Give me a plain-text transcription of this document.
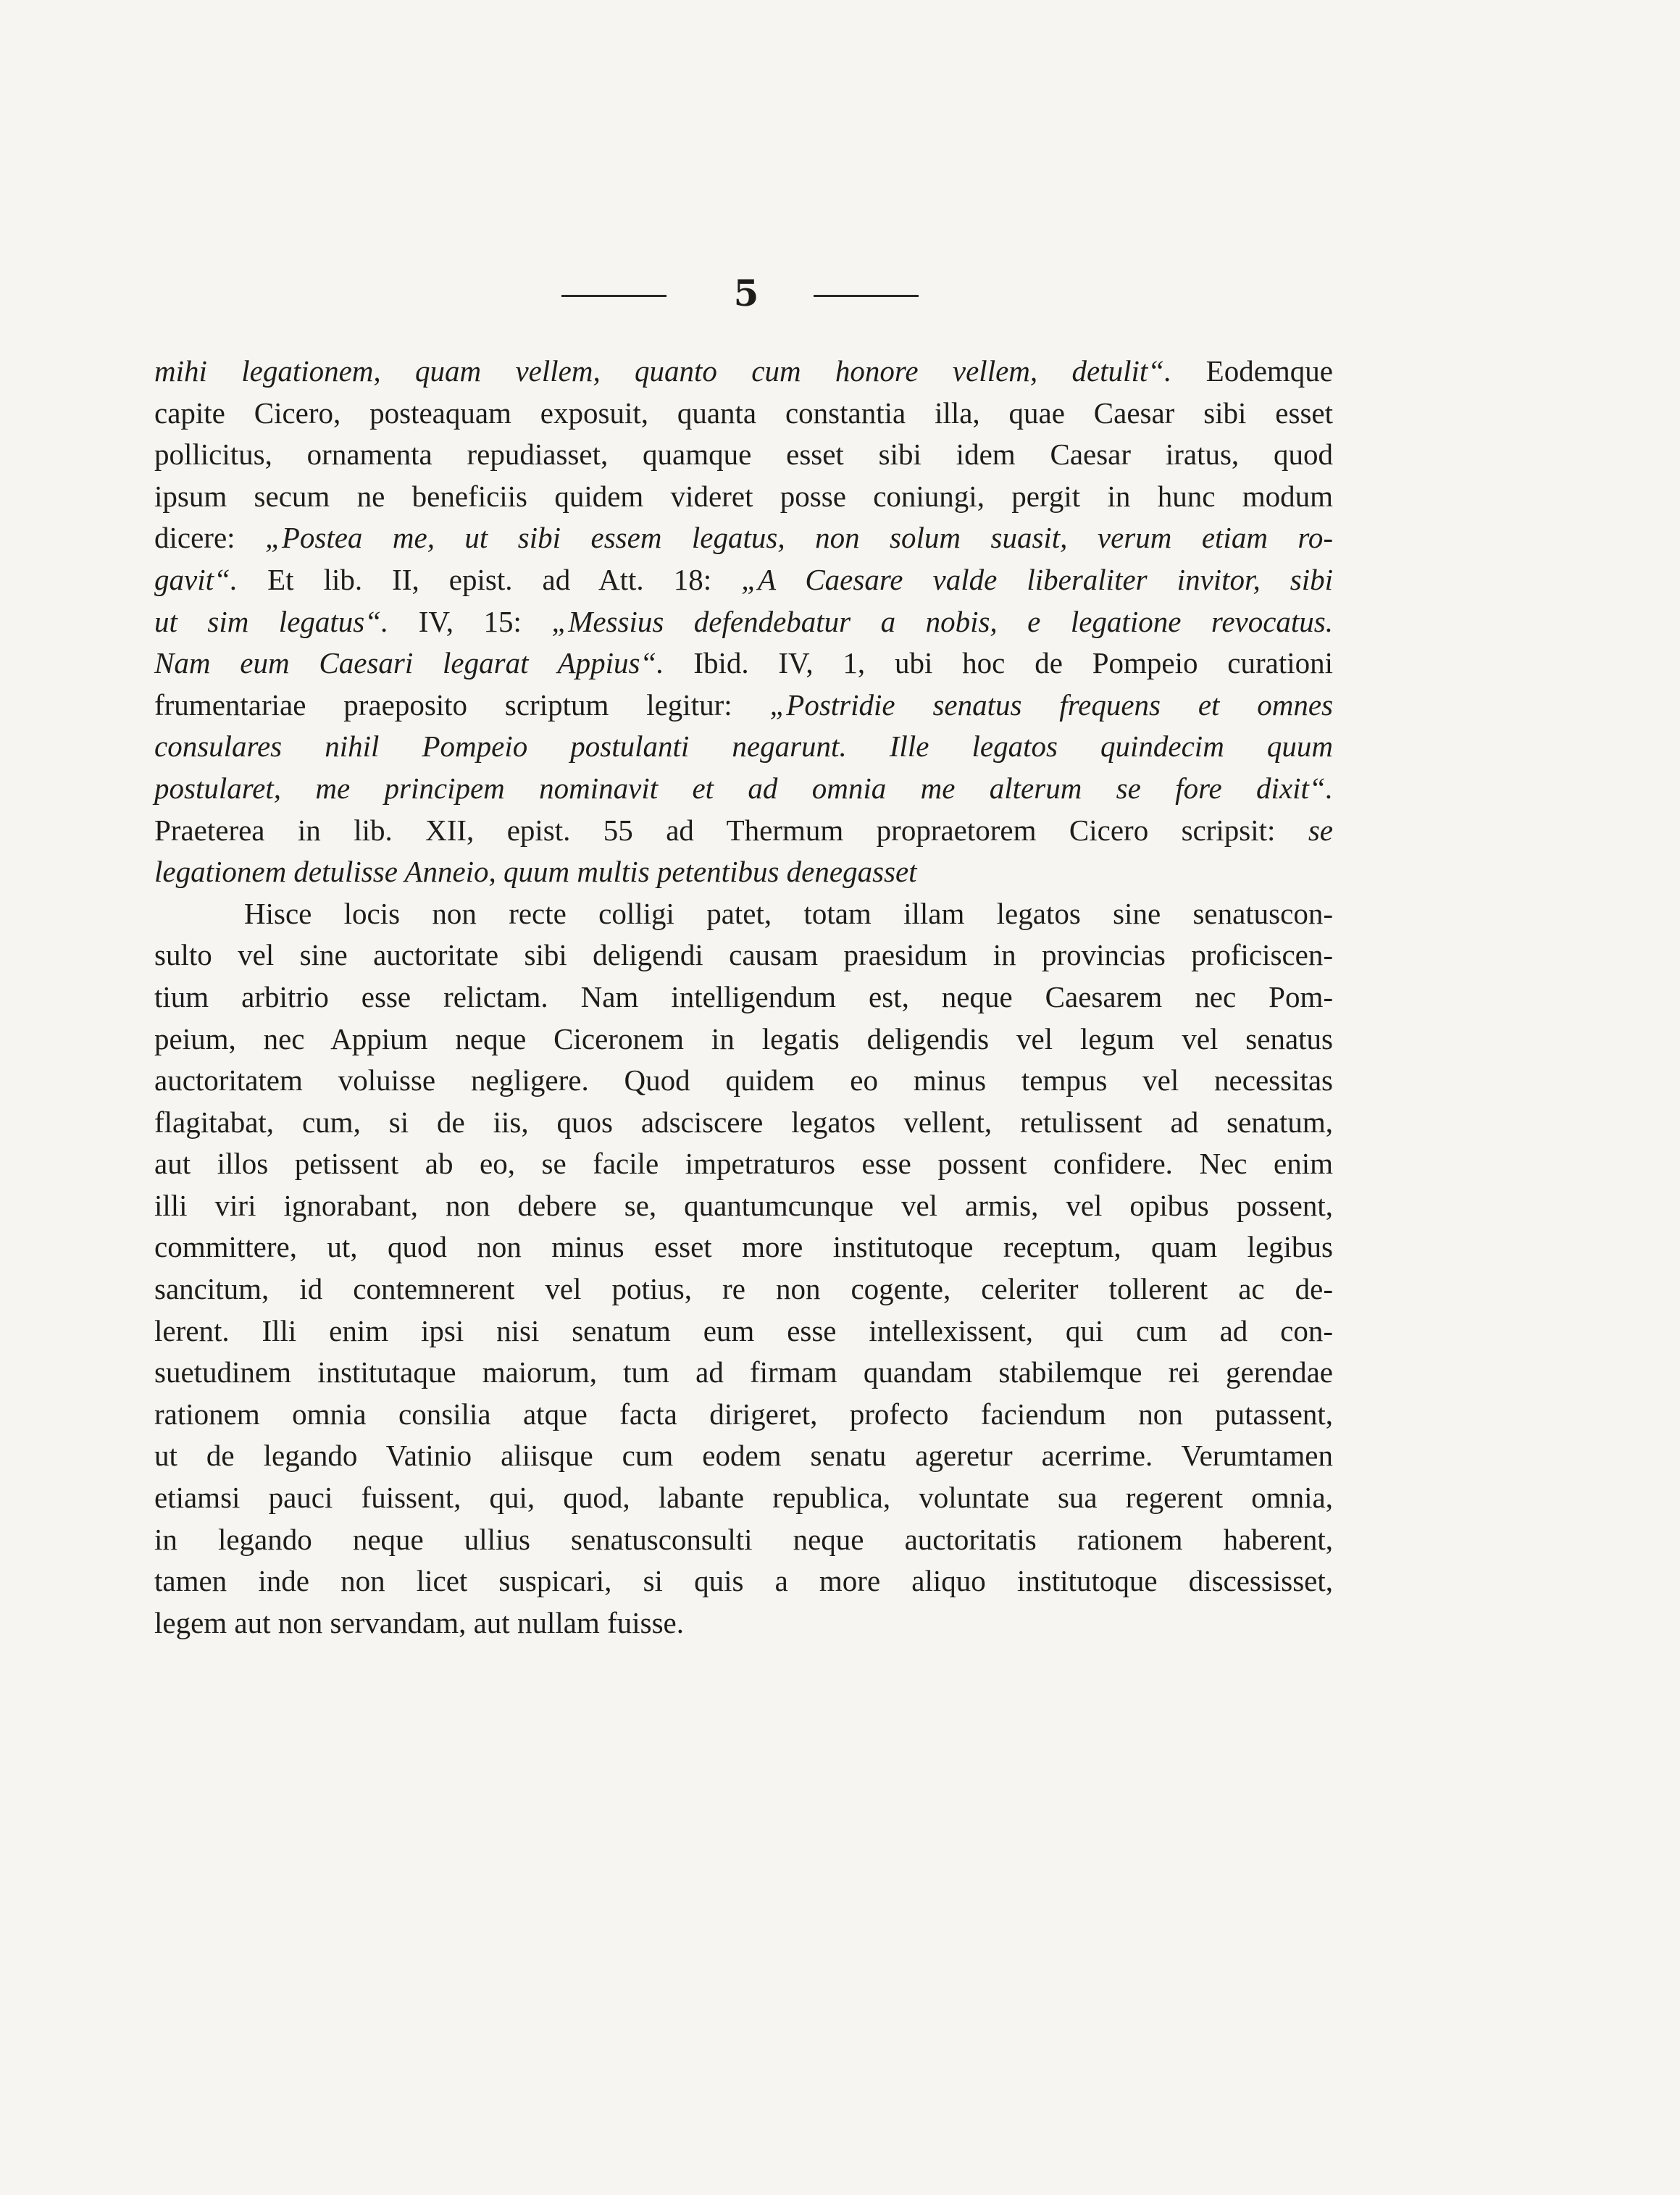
5
mihi legationem, quam vellem, quanto cum honore vellem, detulit“. Eodemque
capite Cicero, posteaquam exposuit, quanta constantia illa, quae Caesar sibi esset
pollicitus, ornamenta repudiasset, quamque esset sibi idem Caesar iratus, quod
ipsum secum ne beneficiis quidem videret posse coniungi, pergit in hunc modum
dicere: „Postea me, ut sibi essem legatus, non solum suasit, verum etiam ro-
gavit“. Et lib. II, epist. ad Att. 18: „A Caesare valde liberaliter invitor, sibi
ut sim legatus“. IV, 15: „Messius defendebatur a nobis, e legatione revocatus.
Nam eum Caesari legarat Appius“. Ibid. IV, 1, ubi hoc de Pompeio curationi
frumentariae praeposito scriptum legitur: „Postridie senatus frequens et omnes
consulares nihil Pompeio postulanti negarunt. Ille legatos quindecim quum
postularet, me principem nominavit et ad omnia me alterum se fore dixit“.
Praeterea in lib. XII, epist. 55 ad Thermum propraetorem Cicero scripsit: se
legationem detulisse Anneio, quum multis petentibus denegasset
Hisce locis non recte colligi patet, totam illam legatos sine senatuscon-
sulto vel sine auctoritate sibi deligendi causam praesidum in provincias proficiscen-
tium arbitrio esse relictam. Nam intelligendum est, neque Caesarem nec Pom-
peium, nec Appium neque Ciceronem in legatis deligendis vel legum vel senatus
auctoritatem voluisse negligere. Quod quidem eo minus tempus vel necessitas
flagitabat, cum, si de iis, quos adsciscere legatos vellent, retulissent ad senatum,
aut illos petissent ab eo, se facile impetraturos esse possent confidere. Nec enim
illi viri ignorabant, non debere se, quantumcunque vel armis, vel opibus possent,
committere, ut, quod non minus esset more institutoque receptum, quam legibus
sancitum, id contemnerent vel potius, re non cogente, celeriter tollerent ac de-
lerent. Illi enim ipsi nisi senatum eum esse intellexissent, qui cum ad con-
suetudinem institutaque maiorum, tum ad firmam quandam stabilemque rei gerendae
rationem omnia consilia atque facta dirigeret, profecto faciendum non putassent,
ut de legando Vatinio aliisque cum eodem senatu ageretur acerrime. Verumtamen
etiamsi pauci fuissent, qui, quod, labante republica, voluntate sua regerent omnia,
in legando neque ullius senatusconsulti neque auctoritatis rationem haberent,
tamen inde non licet suspicari, si quis a more aliquo institutoque discessisset,
legem aut non servandam, aut nullam fuisse.
